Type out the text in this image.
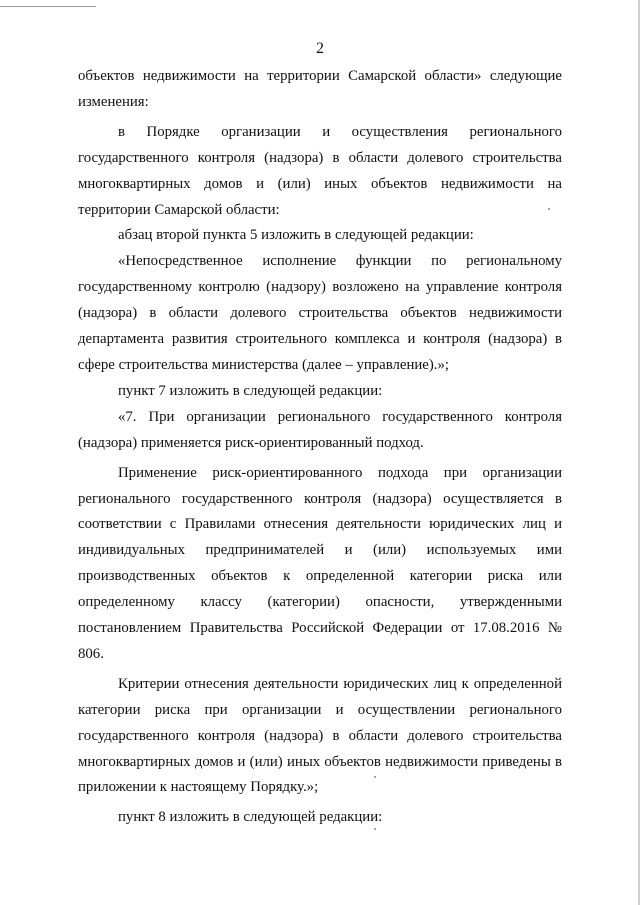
2

объектов недвижимости на территории Самарской области» следующие изменения:

в Порядке организации и осуществления регионального государственного контроля (надзора) в области долевого строительства многоквартирных домов и (или) иных объектов недвижимости на территории Самарской области:

абзац второй пункта 5 изложить в следующей редакции:

«Непосредственное исполнение функции по региональному государственному контролю (надзору) возложено на управление контроля (надзора) в области долевого строительства объектов недвижимости департамента развития строительного комплекса и контроля (надзора) в сфере строительства министерства (далее – управление).»;

пункт 7 изложить в следующей редакции:

«7. При организации регионального государственного контроля (надзора) применяется риск-ориентированный подход.

Применение риск-ориентированного подхода при организации регионального государственного контроля (надзора) осуществляется в соответствии с Правилами отнесения деятельности юридических лиц и индивидуальных предпринимателей и (или) используемых ими производственных объектов к определенной категории риска или определенному классу (категории) опасности, утвержденными постановлением Правительства Российской Федерации от 17.08.2016 № 806.

Критерии отнесения деятельности юридических лиц к определенной категории риска при организации и осуществлении регионального государственного контроля (надзора) в области долевого строительства многоквартирных домов и (или) иных объектов недвижимости приведены в приложении к настоящему Порядку.»;

пункт 8 изложить в следующей редакции:
